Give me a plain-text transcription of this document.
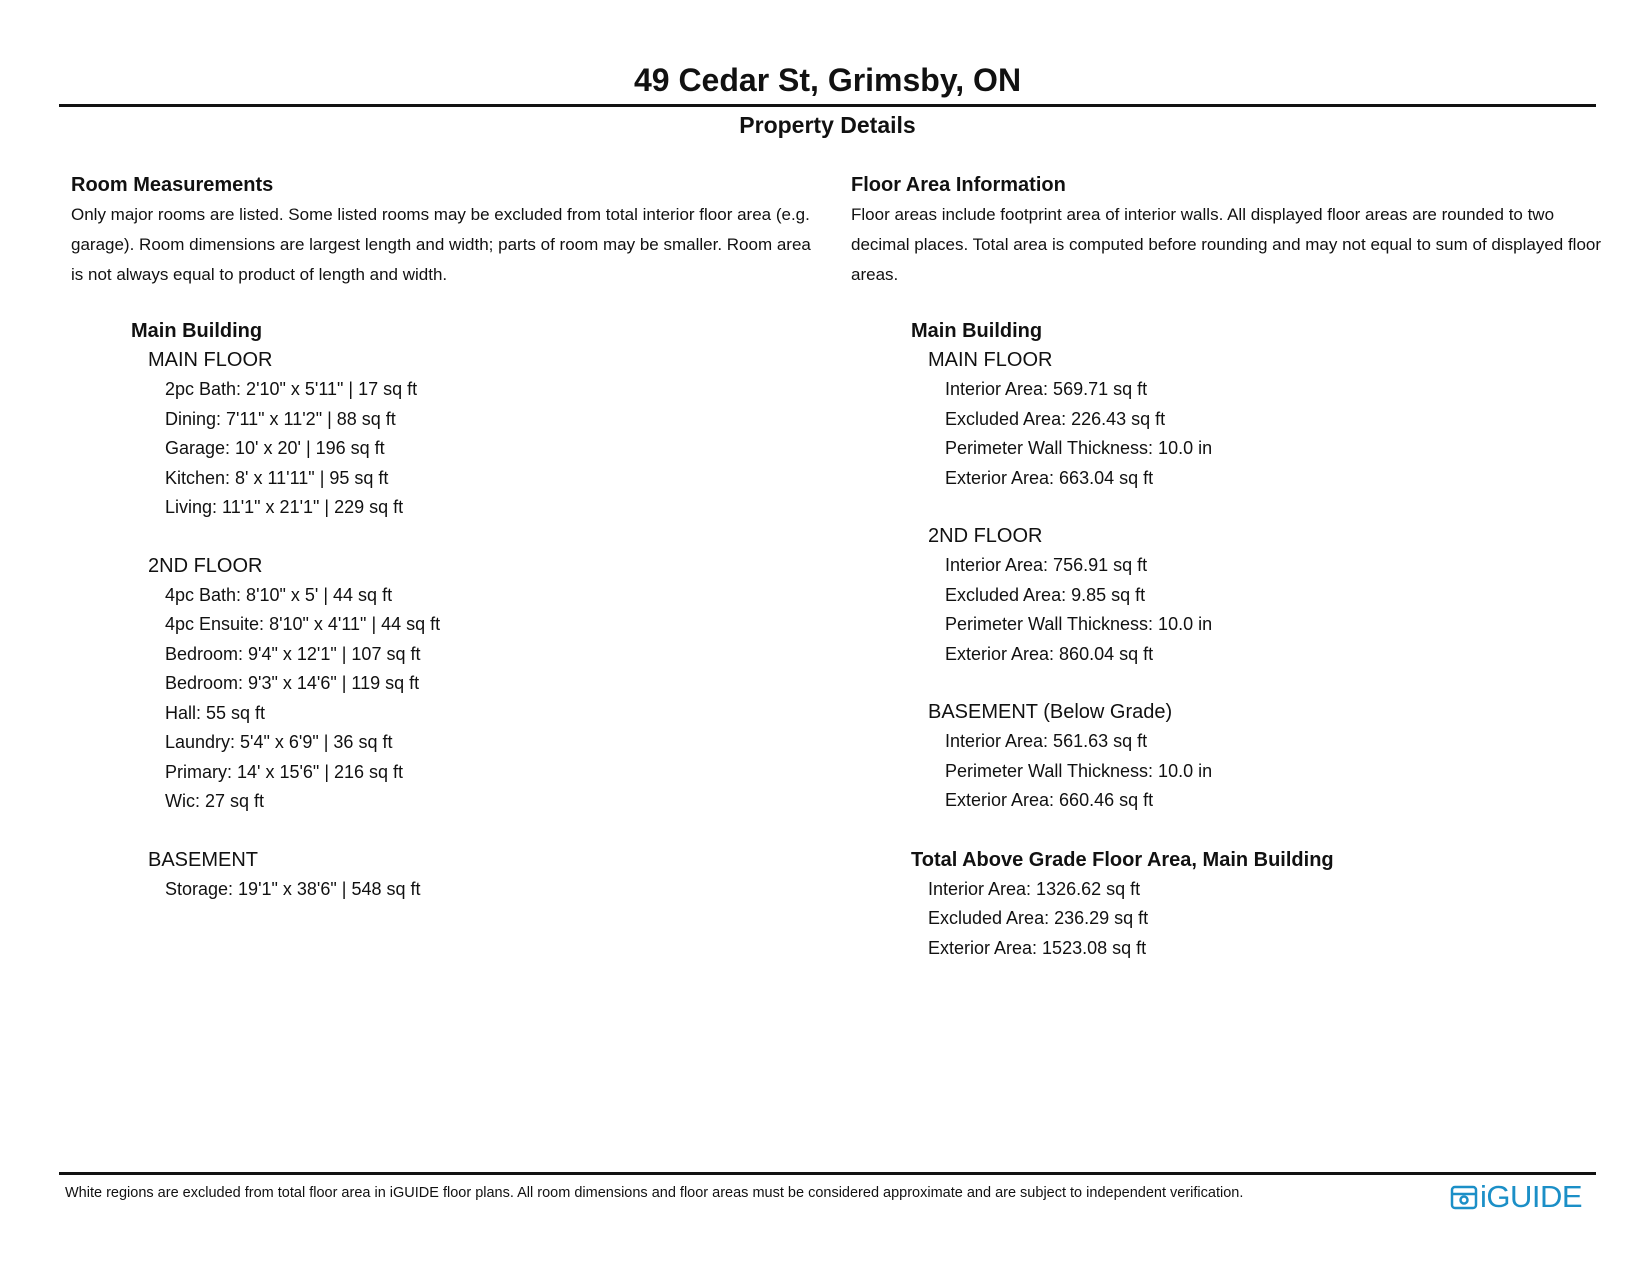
49 Cedar St, Grimsby, ON
Property Details
Room Measurements

Only major rooms are listed. Some listed rooms may be excluded from total interior floor area (e.g. garage). Room dimensions are largest length and width; parts of room may be smaller. Room area is not always equal to product of length and width.

Main Building
MAIN FLOOR
2pc Bath: 2'10" x 5'11" | 17 sq ft
Dining: 7'11" x 11'2" | 88 sq ft
Garage: 10' x 20' | 196 sq ft
Kitchen: 8' x 11'11" | 95 sq ft
Living: 11'1" x 21'1" | 229 sq ft
2ND FLOOR
4pc Bath: 8'10" x 5' | 44 sq ft
4pc Ensuite: 8'10" x 4'11" | 44 sq ft
Bedroom: 9'4" x 12'1" | 107 sq ft
Bedroom: 9'3" x 14'6" | 119 sq ft
Hall: 55 sq ft
Laundry: 5'4" x 6'9" | 36 sq ft
Primary: 14' x 15'6" | 216 sq ft
Wic: 27 sq ft
BASEMENT
Storage: 19'1" x 38'6" | 548 sq ft
Floor Area Information

Floor areas include footprint area of interior walls. All displayed floor areas are rounded to two decimal places. Total area is computed before rounding and may not equal to sum of displayed floor areas.

Main Building
MAIN FLOOR
Interior Area: 569.71 sq ft
Excluded Area: 226.43 sq ft
Perimeter Wall Thickness: 10.0 in
Exterior Area: 663.04 sq ft
2ND FLOOR
Interior Area: 756.91 sq ft
Excluded Area: 9.85 sq ft
Perimeter Wall Thickness: 10.0 in
Exterior Area: 860.04 sq ft
BASEMENT (Below Grade)
Interior Area: 561.63 sq ft
Perimeter Wall Thickness: 10.0 in
Exterior Area: 660.46 sq ft
Total Above Grade Floor Area, Main Building
Interior Area: 1326.62 sq ft
Excluded Area: 236.29 sq ft
Exterior Area: 1523.08 sq ft
White regions are excluded from total floor area in iGUIDE floor plans. All room dimensions and floor areas must be considered approximate and are subject to independent verification.	iGUIDE
